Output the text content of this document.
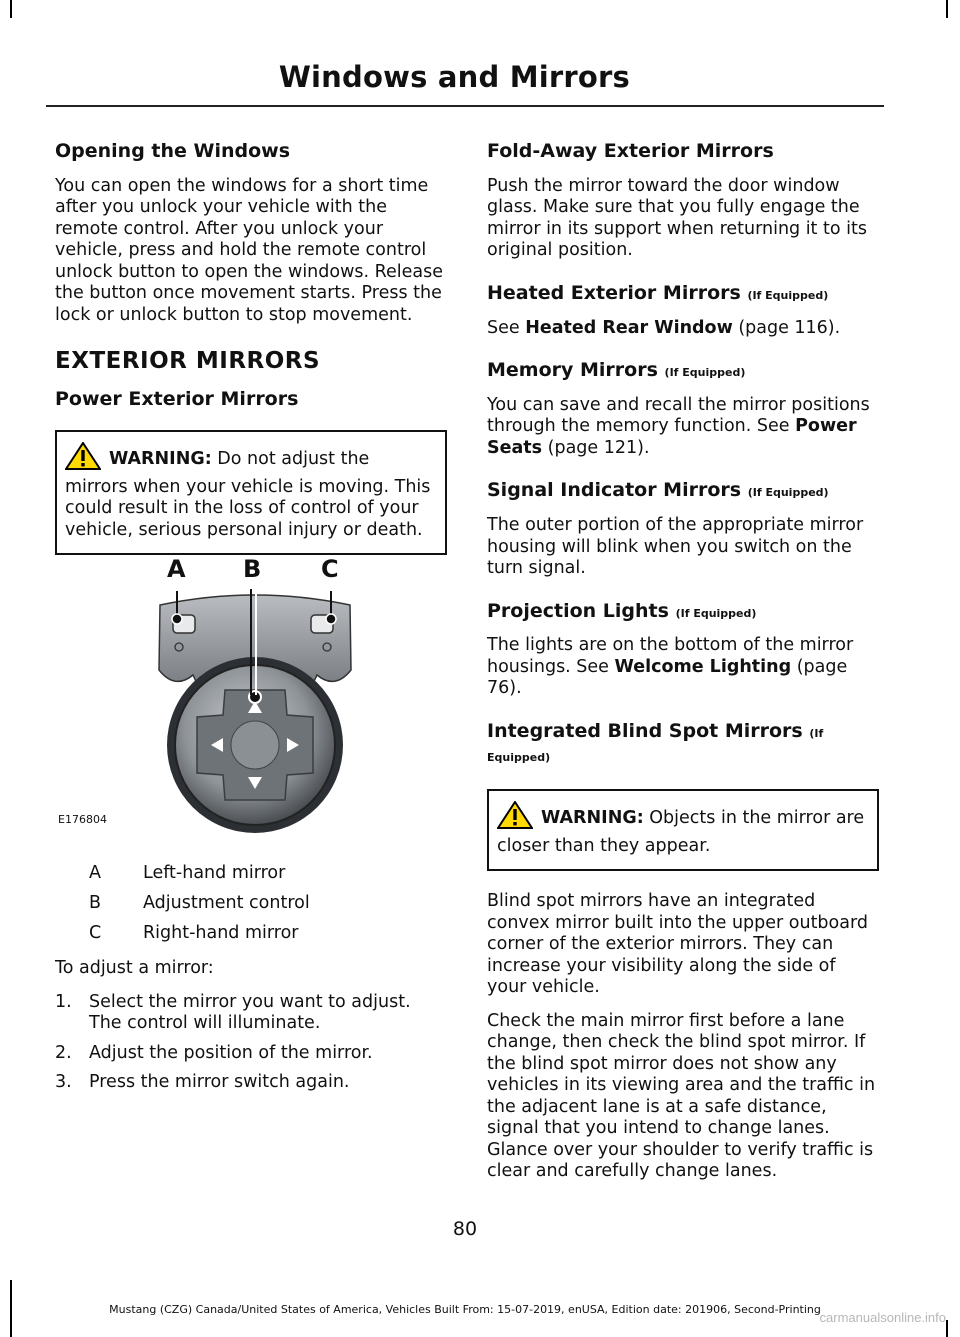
Windows and Mirrors
Opening the Windows

You can open the windows for a short time after you unlock your vehicle with the remote control. After you unlock your vehicle, press and hold the remote control unlock button to open the windows. Release the button once movement starts. Press the lock or unlock button to stop movement.

EXTERIOR MIRRORS
Power Exterior Mirrors

WARNING: Do not adjust the mirrors when your vehicle is moving. This could result in the loss of control of your vehicle, serious personal injury or death.

A B C
E176804
A	Left-hand mirror
B	Adjustment control
C	Right-hand mirror

To adjust a mirror:

1. Select the mirror you want to adjust. The control will illuminate.
2. Adjust the position of the mirror.
3. Press the mirror switch again.
Fold-Away Exterior Mirrors

Push the mirror toward the door window glass. Make sure that you fully engage the mirror in its support when returning it to its original position.

Heated Exterior Mirrors (If Equipped)

See Heated Rear Window (page 116).

Memory Mirrors (If Equipped)

You can save and recall the mirror positions through the memory function. See Power Seats (page 121).

Signal Indicator Mirrors (If Equipped)

The outer portion of the appropriate mirror housing will blink when you switch on the turn signal.

Projection Lights (If Equipped)

The lights are on the bottom of the mirror housings. See Welcome Lighting (page 76).

Integrated Blind Spot Mirrors (If Equipped)

WARNING: Objects in the mirror are closer than they appear.

Blind spot mirrors have an integrated convex mirror built into the upper outboard corner of the exterior mirrors. They can increase your visibility along the side of your vehicle.

Check the main mirror first before a lane change, then check the blind spot mirror. If the blind spot mirror does not show any vehicles in its viewing area and the traffic in the adjacent lane is at a safe distance, signal that you intend to change lanes. Glance over your shoulder to verify traffic is clear and carefully change lanes.

80
Mustang (CZG) Canada/United States of America, Vehicles Built From: 15-07-2019, enUSA, Edition date: 201906, Second-Printing
carmanualsonline.info
